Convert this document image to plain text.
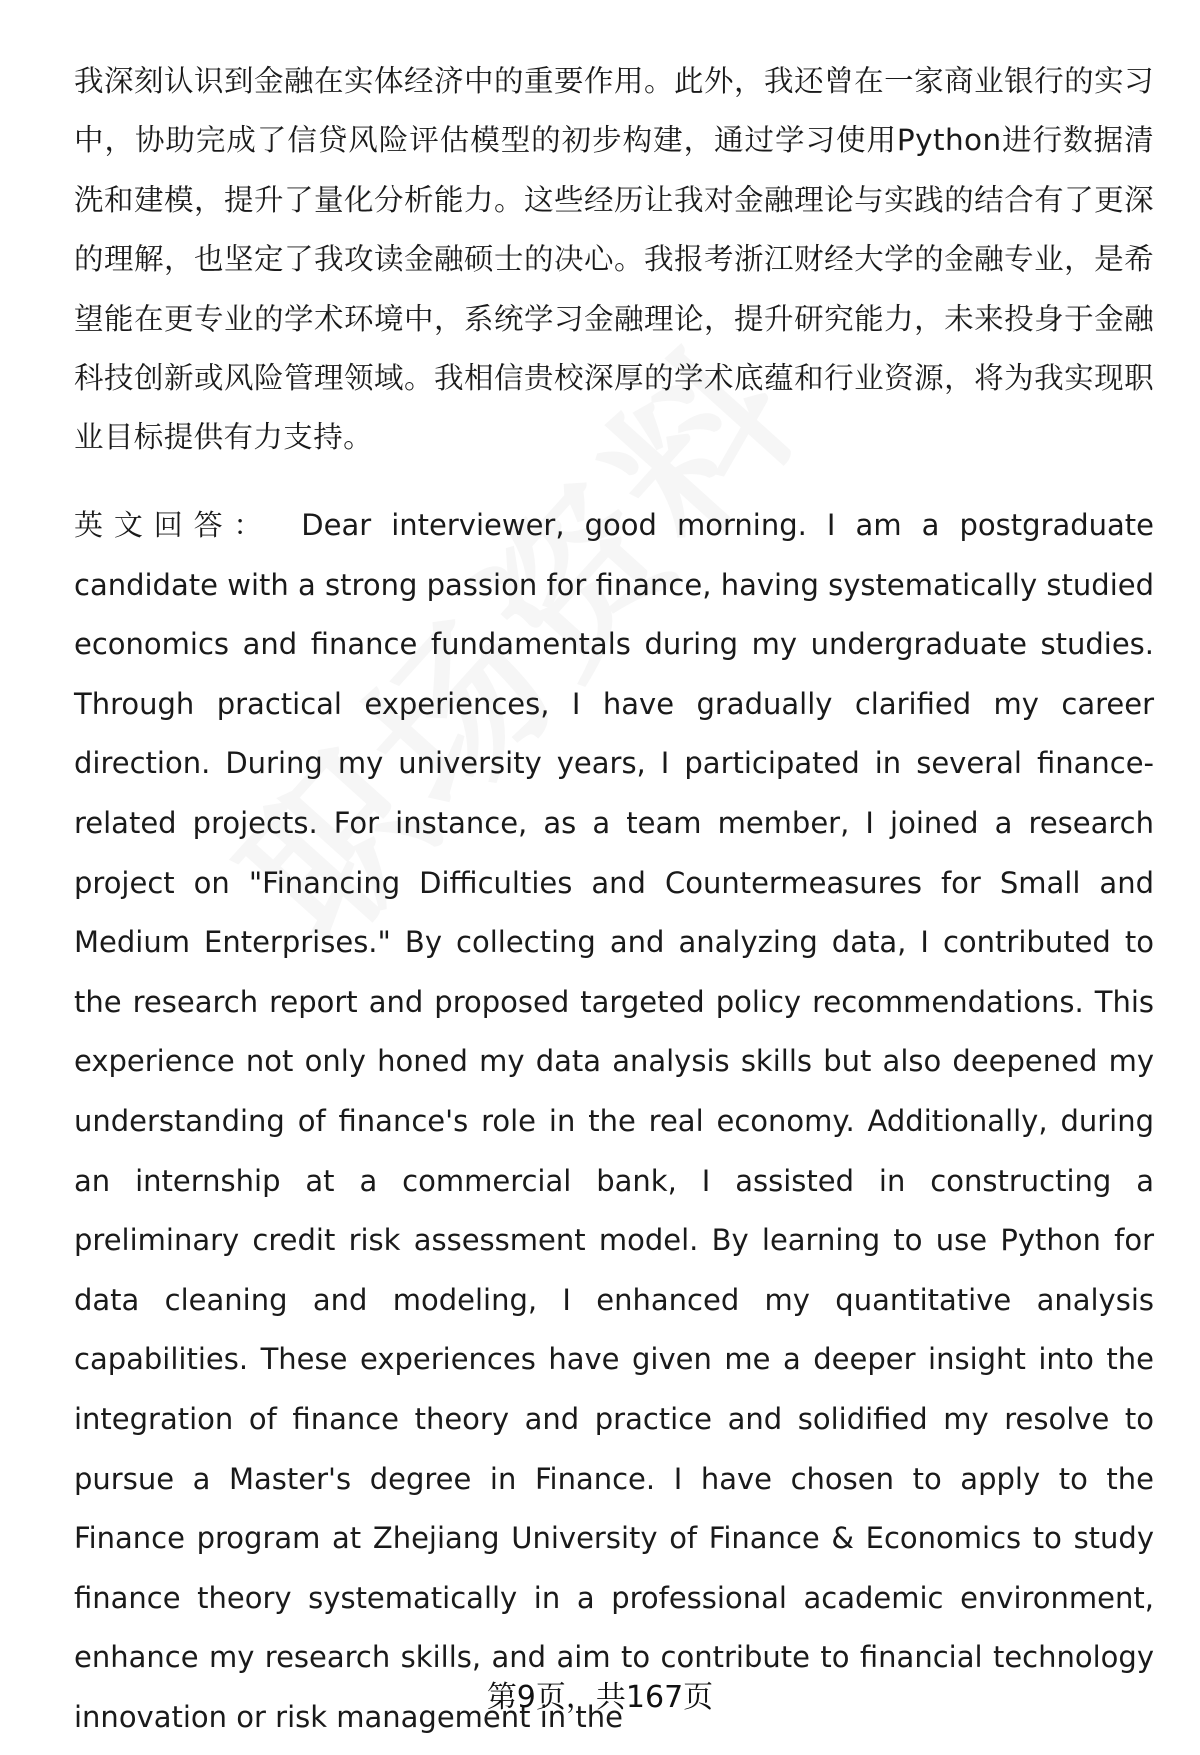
我深刻认识到金融在实体经济中的重要作用。此外，我还曾在一家商业银行的实习中，协助完成了信贷风险评估模型的初步构建，通过学习使用Python进行数据清洗和建模，提升了量化分析能力。这些经历让我对金融理论与实践的结合有了更深的理解，也坚定了我攻读金融硕士的决心。我报考浙江财经大学的金融专业，是希望能在更专业的学术环境中，系统学习金融理论，提升研究能力，未来投身于金融科技创新或风险管理领域。我相信贵校深厚的学术底蕴和行业资源，将为我实现职业目标提供有力支持。

英文回答： Dear interviewer, good morning. I am a postgraduate candidate with a strong passion for finance, having systematically studied economics and finance fundamentals during my undergraduate studies. Through practical experiences, I have gradually clarified my career direction. During my university years, I participated in several finance-related projects. For instance, as a team member, I joined a research project on "Financing Difficulties and Countermeasures for Small and Medium Enterprises." By collecting and analyzing data, I contributed to the research report and proposed targeted policy recommendations. This experience not only honed my data analysis skills but also deepened my understanding of finance's role in the real economy. Additionally, during an internship at a commercial bank, I assisted in constructing a preliminary credit risk assessment model. By learning to use Python for data cleaning and modeling, I enhanced my quantitative analysis capabilities. These experiences have given me a deeper insight into the integration of finance theory and practice and solidified my resolve to pursue a Master's degree in Finance. I have chosen to apply to the Finance program at Zhejiang University of Finance & Economics to study finance theory systematically in a professional academic environment, enhance my research skills, and aim to contribute to financial technology innovation or risk management in the

第9页，共167页
